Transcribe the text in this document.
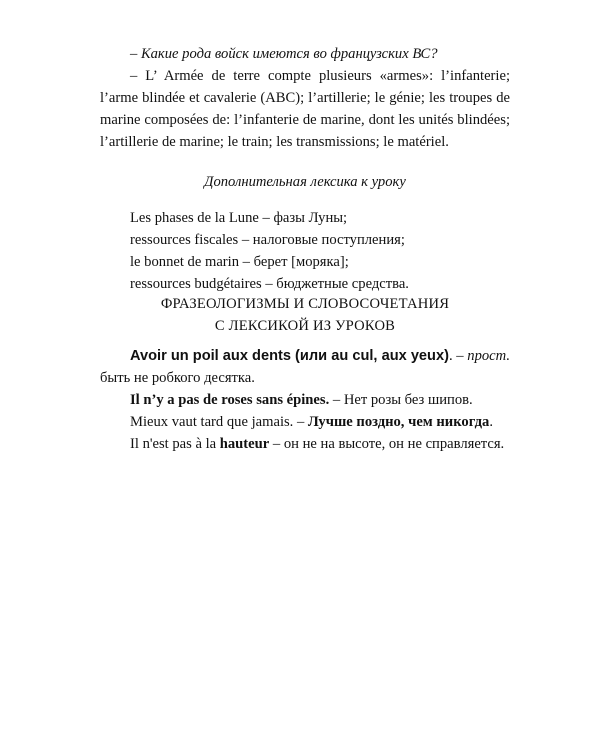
– Какие рода войск имеются во французских ВС?

– L’ Armée de terre compte plusieurs «armes»: l’infanterie; l’arme blindée et cavalerie (ABC); l’artillerie; le génie; les troupes de marine composées de: l’infanterie de marine, dont les unités blindées; l’artillerie de marine; le train; les transmissions; le matériel.

Дополнительная лексика к уроку

Les phases de la Lune – фазы Луны;

ressources fiscales – налоговые поступления;

le bonnet de marin – берет [моряка];

ressources budgétaires – бюджетные средства.

ФРАЗЕОЛОГИЗМЫ И СЛОВОСОЧЕТАНИЯ

С ЛЕКСИКОЙ ИЗ УРОКОВ

Avoir un poil aux dents (или au cul, aux yeux). – прост. быть не робкого десятка.

Il n’y a pas de roses sans épines. – Нет розы без шипов.

Mieux vaut tard que jamais. – Лучше поздно, чем никогда.

Il n'est pas à la hauteur – он не на высоте, он не справляется.
